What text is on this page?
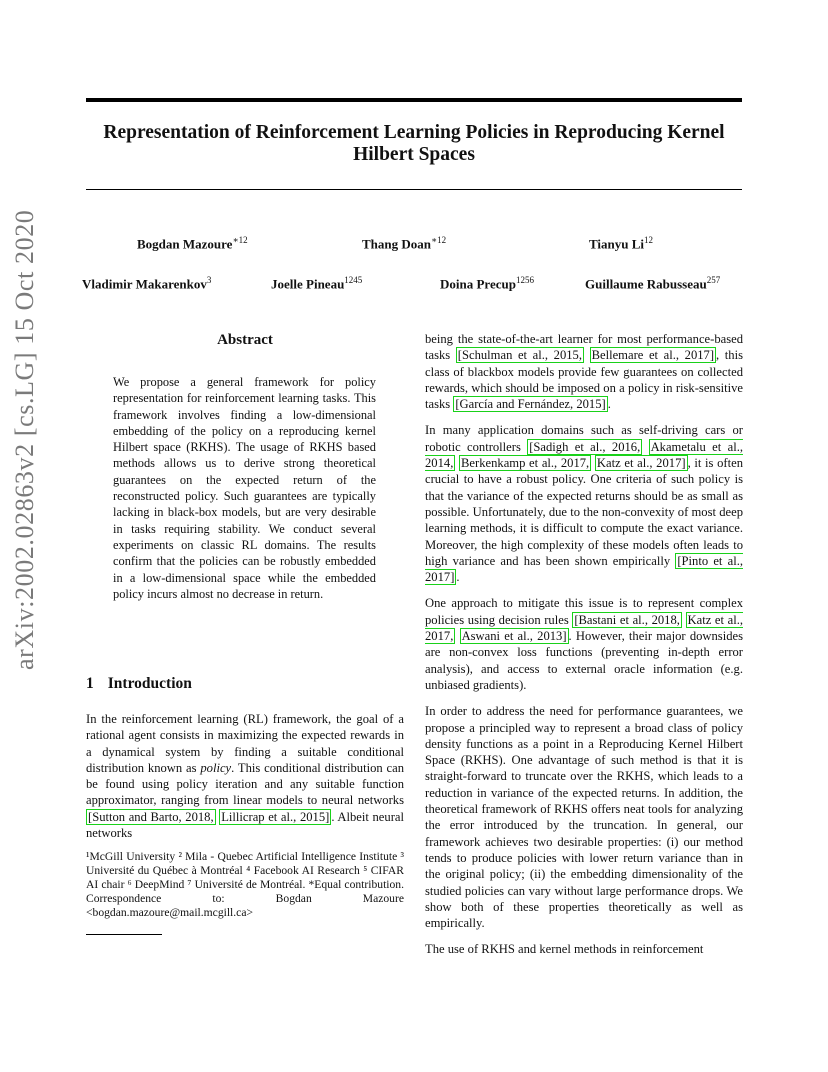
arXiv:2002.02863v2 [cs.LG] 15 Oct 2020
Representation of Reinforcement Learning Policies in Reproducing Kernel Hilbert Spaces
Bogdan Mazoure$^{∗12}$	Thang Doan$^{∗12}$	Tianyu Li$^{12}$
Vladimir Makarenkov$^3$	Joelle Pineau$^{1245}$	Doina Precup$^{1256}$	Guillaume Rabusseau$^{257}$
Abstract
We propose a general framework for policy representation for reinforcement learning tasks. This framework involves finding a low-dimensional embedding of the policy on a reproducing kernel Hilbert space (RKHS). The usage of RKHS based methods allows us to derive strong theoretical guarantees on the expected return of the reconstructed policy. Such guarantees are typically lacking in black-box models, but are very desirable in tasks requiring stability. We conduct several experiments on classic RL domains. The results confirm that the policies can be robustly embedded in a low-dimensional space while the embedded policy incurs almost no decrease in return.
1 Introduction
In the reinforcement learning (RL) framework, the goal of a rational agent consists in maximizing the expected rewards in a dynamical system by finding a suitable conditional distribution known as policy. This conditional distribution can be found using policy iteration and any suitable function approximator, ranging from linear models to neural networks [Sutton and Barto, 2018, Lillicrap et al., 2015] . Albeit neural networks
¹McGill University ² Mila - Quebec Artificial Intelligence Institute ³ Université du Québec à Montréal ⁴ Facebook AI Research ⁵ CIFAR AI chair ⁶ DeepMind ⁷ Université de Montréal. *Equal contribution. Correspondence to: Bogdan Mazoure <bogdan.mazoure@mail.mcgill.ca>

being the state-of-the-art learner for most performance-based tasks [Schulman et al., 2015, Bellemare et al., 2017] , this class of blackbox models provide few guarantees on collected rewards, which should be imposed on a policy in risk-sensitive tasks [García and Fernández, 2015] .

In many application domains such as self-driving cars or robotic controllers [Sadigh et al., 2016, Akametalu et al., 2014, Berkenkamp et al., 2017, Katz et al., 2017] , it is often crucial to have a robust policy. One criteria of such policy is that the variance of the expected returns should be as small as possible. Unfortunately, due to the non-convexity of most deep learning methods, it is difficult to compute the exact variance. Moreover, the high complexity of these models often leads to high variance and has been shown empirically [Pinto et al., 2017] .

One approach to mitigate this issue is to represent complex policies using decision rules [Bastani et al., 2018, Katz et al., 2017, Aswani et al., 2013] . However, their major downsides are non-convex loss functions (preventing in-depth error analysis), and access to external oracle information (e.g. unbiased gradients).

In order to address the need for performance guarantees, we propose a principled way to represent a broad class of policy density functions as a point in a Reproducing Kernel Hilbert Space (RKHS). One advantage of such method is that it is straight-forward to truncate over the RKHS, which leads to a reduction in variance of the expected returns. In addition, the theoretical framework of RKHS offers neat tools for analyzing the error introduced by the truncation. In general, our framework achieves two desirable properties: (i) our method tends to produce policies with lower return variance than in the original policy; (ii) the embedding dimensionality of the studied policies can vary without large performance drops. We show both of these properties theoretically as well as empirically.

The use of RKHS and kernel methods in reinforcement
